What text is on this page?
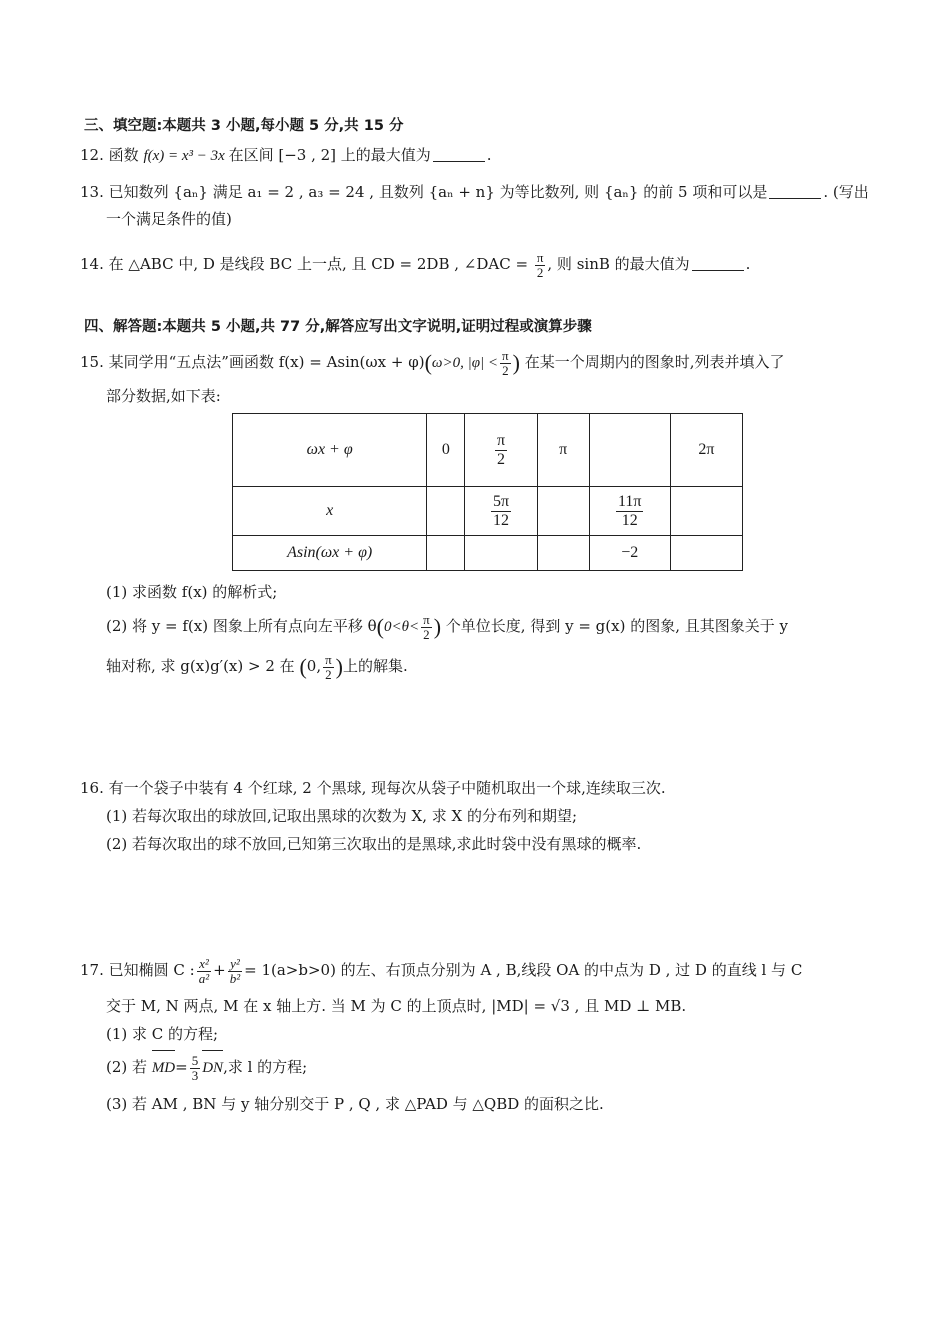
三、填空题:本题共 3 小题,每小题 5 分,共 15 分
12. 函数 f(x) = x³ − 3x 在区间 [−3 , 2] 上的最大值为	.
13. 已知数列 {aₙ} 满足 a₁ = 2 , a₃ = 24 , 且数列 {aₙ + n} 为等比数列, 则 {aₙ} 的前 5 项和可以是	. (写出
一个满足条件的值)
14. 在 △ABC 中, D 是线段 BC 上一点, 且 CD = 2DB , ∠DAC = $\frac{\pi}{2}$ , 则 sinB 的最大值为	.
四、解答题:本题共 5 小题,共 77 分,解答应写出文字说明,证明过程或演算步骤
15. 某同学用“五点法”画函数 f(x) = Asin(ωx + φ)(ω>0, $|\varphi| < \frac{\pi}{2}$ ) 在某一个周期内的图象时,列表并填入了
部分数据,如下表:
ωx + φ	0	$\frac{\pi}{2}$	π		2π
x		$\frac{5\pi}{12}$		$\frac{11\pi}{12}$

Asin(ωx + φ)				−2	
(1) 求函数 f(x) 的解析式;
(2) 将 y = f(x) 图象上所有点向左平移 $\theta(0<\theta< \frac{\pi}{2}$ ) 个单位长度, 得到 y = g(x) 的图象, 且其图象关于 y
轴对称, 求 g(x)g′(x) > 2 在 (0, $\frac{\pi}{2}$ )上的解集.
16. 有一个袋子中装有 4 个红球, 2 个黑球, 现每次从袋子中随机取出一个球,连续取三次.
(1) 若每次取出的球放回,记取出黑球的次数为 X, 求 X 的分布列和期望;
(2) 若每次取出的球不放回,已知第三次取出的是黑球,求此时袋中没有黑球的概率.
17. 已知椭圆 C : $\frac{\text{x²}}{\text{a²}} + \frac{\text{y²}}{\text{b²}} = 1(a>b>0)$ 的左、右顶点分别为 A , B,线段 OA 的中点为 D , 过 D 的直线 l 与 C
交于 M, N 两点, M 在 x 轴上方. 当 M 为 C 的上顶点时, |MD| = √3 , 且 MD ⊥ MB.
(1) 求 C 的方程;
(2) 若 $MD= \frac{5}{3}$ DN,求 l 的方程;
(3) 若 AM , BN 与 y 轴分别交于 P , Q , 求 △PAD 与 △QBD 的面积之比.
